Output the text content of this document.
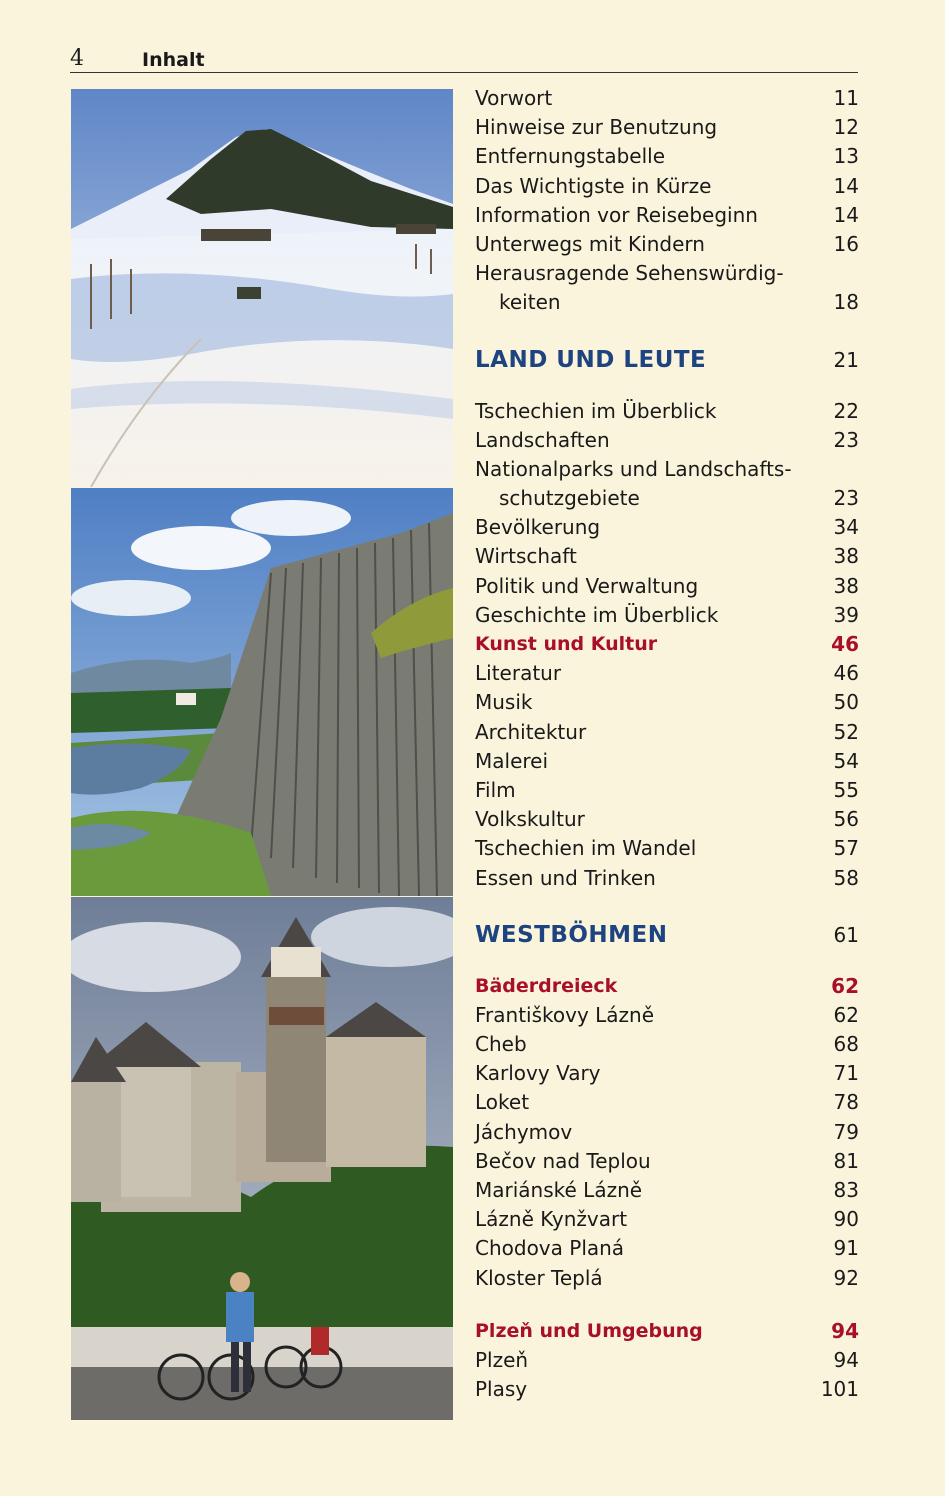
4	Inhalt
Vorwort	11
Hinweise zur Benutzung	12
Entfernungstabelle	13
Das Wichtigste in Kürze	14
Information vor Reisebeginn	14
Unterwegs mit Kindern	16
Herausragende Sehenswürdig-
keiten	18
LAND UND LEUTE	21
Tschechien im Überblick	22
Landschaften	23
Nationalparks und Landschafts-
schutzgebiete	23
Bevölkerung	34
Wirtschaft	38
Politik und Verwaltung	38
Geschichte im Überblick	39
Kunst und Kultur	46
Literatur	46
Musik	50
Architektur	52
Malerei	54
Film	55
Volkskultur	56
Tschechien im Wandel	57
Essen und Trinken	58
WESTBÖHMEN	61
Bäderdreieck	62
Františkovy Lázně	62
Cheb	68
Karlovy Vary	71
Loket	78
Jáchymov	79
Bečov nad Teplou	81
Mariánské Lázně	83
Lázně Kynžvart	90
Chodova Planá	91
Kloster Teplá	92
Plzeň und Umgebung	94
Plzeň	94
Plasy	101
